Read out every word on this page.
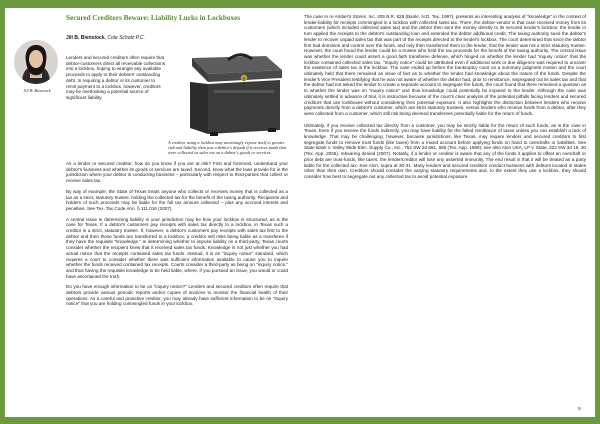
Jill B. Bienstock
Secured Creditors Beware: Liability Lurks in Lockboxes
Jill B. Bienstock, Cole Schotz P.C.
Lenders and secured creditors often require that debtor-customers direct all receivable collections into a lockbox, hoping to wrangle any available proceeds to apply to their debtors' outstanding debt. In requiring a debtor or its customer to remit payment to a lockbox, however, creditors may be overlooking a potential source of significant liability.
A creditor using a lockbox may unwittingly expose itself to greater risk and liability than just a debtor's default if it receives funds that were collected as sales tax on a debtor's goods or services.

As a lender or secured creditor, how do you know if you are at risk? First and foremost, understand your debtor's business and whether its goods or services are taxed. Second, know what the laws provide for in the jurisdiction where your debtor is conducting business – particularly with respect to third-parties that collect or receive sales tax.

By way of example, the State of Texas treats anyone who collects or receives money that is collected as a tax as a strict, statutory trustee, holding the collected tax for the benefit of the taxing authority. Recipients and holders of such proceeds may be liable for the full tax amount collected – plus any accrued interest and penalties. See Tex. Tax Code Ann. § 111.016 (2007).

A central issue in determining liability in your jurisdiction may be how your lockbox is structured, as is the case for Texas. If a debtor's customers pay receipts with sales tax directly to a lockbox, in Texas such a creditor is a strict, statutory trustee. If, however, a debtor's customers pay receipts with sales tax first to the debtor and then those funds are transferred to a lockbox, a creditor still risks being liable as a transferee if they have the requisite "knowledge." In determining whether to impose liability on a third-party, Texas courts consider whether the recipient knew that it received sales tax funds. Knowledge is not just whether you had actual notice that the receipts contained sales tax funds. Instead, it is an "inquiry notice" standard, which requires a court to consider whether there was sufficient information available to cause you to inquire whether the funds received contained tax receipts. Courts consider a third-party as being on "inquiry notice," and thus having the requisite knowledge to be held liable, where, if you pursued an issue, you would or could have ascertained the truth.

Do you have enough information to be on "inquiry notice?" Lenders and secured creditors often require that debtors provide various periodic reports and/or copies of invoices to monitor the financial health of their operations. As a careful and proactive creditor, you may already have sufficient information to be on "inquiry notice" that you are holding commingled funds in your lockbox.

The case In re Amber's Stores, Inc. 205 B.R. 828 (Bankr. N.D. Tex. 1997), presents an interesting analysis of "knowledge" in the context of lender-liability for receipts commingled in a lockbox with collected sales tax. There, the debtor-vendor in that case received money from its customers (which included collected sales tax) and the debtor then sent the money directly to its secured lender's lockbox; the lender in turn applied the receipts to the debtor's outstanding loan and extended the debtor additional credit. The taxing authority sued the debtor's lender to recover unpaid sales tax that was part of the receipts directed to the lender's lockbox. The court determined that since the debtor first had dominion and control over the funds, and only then transferred them to the lender, that the lender was not a strict statutory trustee. However, the court found the lender could be a trustee who held the tax proceeds for the benefit of the taxing authority. The central issue was whether the lender could assert a good faith transferee defense, which hinged on whether the lender had "inquiry notice" that the lockbox contained collected sales tax. "Inquiry notice" could be attributed even if additional work or due diligence was required to uncover the existence of sales tax in the lockbox. The case ended up before the bankruptcy court on a summary judgment motion and the court ultimately held that there remained an issue of fact as to whether the lender had knowledge about the nature of the funds. Despite the lender's Vice President testifying that he was not aware of whether the debtor had, prior to remittance, segregated out its sales tax and that the debtor had not asked the lender to create a separate account to segregate the funds, the court found that there remained a question as to whether the lender was on "inquiry notice" and thus knowledge could potentially be imputed to the lender. Although the case was ultimately settled in advance of trial, it is instructive because of the court's clear analysis of the potential pitfalls facing lenders and secured creditors that use lockboxes without considering their potential exposure. It also highlights the distinction between lenders who receive payments directly from a debtor's customer, which are strict statutory trustees, versus lenders who receive funds from a debtor, after they were collected from a customer, which still risk being deemed transferees potentially liable for the return of funds.

Ultimately, if you receive collected tax directly from a customer, you may be strictly liable for the return of such funds, as is the case in Texas. Even if you receive the funds indirectly, you may have liability for the failed remittance of taxes unless you can establish a lack of knowledge. That may be challenging, however, because jurisdictions, like Texas, may require lenders and secured creditors to first segregate funds to remove trust funds (like taxes) from a mixed account before applying funds on hand to overdrafts or liabilities. See State Bank v. Valley Wide Elec. Supply Co., Inc., 752 SW 2d 661, 665 (Tex. App. 1988); see also Alon USA, LP v. State, 222 SW 3d 19, 30 (Tex. App. 2006), rehearing denied (2007). Notably, if a lender or creditor is aware that any of the funds it applies to offset an overdraft or prior debt are trust-funds, like taxes, the lender/creditor will lose any asserted immunity. The end result is that it will be treated as a party liable for the collected tax. See Alon, supra at 30-31. Many lenders and secured creditors conduct business with debtors located in states other than their own. Creditors should consider the varying statutory requirements and, to the extent they use a lockbox, they should consider how best to segregate out any collected tax to avoid potential exposure.

9
